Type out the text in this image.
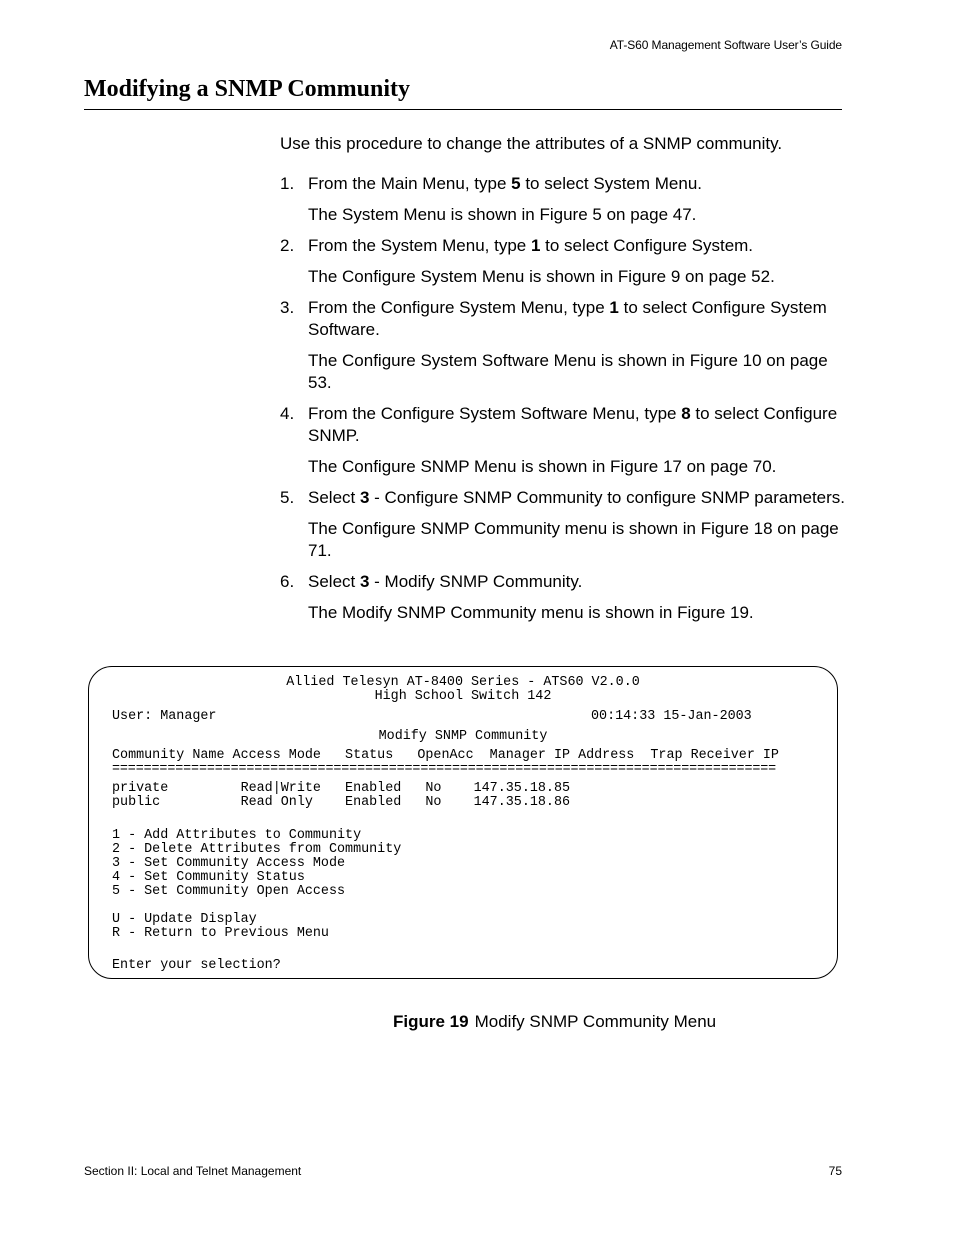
AT-S60 Management Software User’s Guide
Modifying a SNMP Community

Use this procedure to change the attributes of a SNMP community.

1. From the Main Menu, type 5 to select System Menu.

The System Menu is shown in Figure 5 on page 47.

2. From the System Menu, type 1 to select Configure System.

The Configure System Menu is shown in Figure 9 on page 52.

3. From the Configure System Menu, type 1 to select Configure System Software.

The Configure System Software Menu is shown in Figure 10 on page 53.

4. From the Configure System Software Menu, type 8 to select Configure SNMP.

The Configure SNMP Menu is shown in Figure 17 on page 70.

5. Select 3 - Configure SNMP Community to configure SNMP parameters.

The Configure SNMP Community menu is shown in Figure 18 on page 71.

6. Select 3 - Modify SNMP Community.

The Modify SNMP Community menu is shown in Figure 19.

Allied Telesyn AT-8400 Series - ATS60 V2.0.0
High School Switch 142
User: Manager	00:14:33 15-Jan-2003
Modify SNMP Community
Community Name Access Mode   Status   OpenAcc  Manager IP Address  Trap Receiver IP
====================================================================================
private         Read|Write   Enabled   No    147.35.18.85
public          Read Only    Enabled   No    147.35.18.86
1 - Add Attributes to Community
2 - Delete Attributes from Community
3 - Set Community Access Mode
4 - Set Community Status
5 - Set Community Open Access
U - Update Display
R - Return to Previous Menu
Enter your selection?
Figure 19 Modify SNMP Community Menu
Section II: Local and Telnet Management	75
